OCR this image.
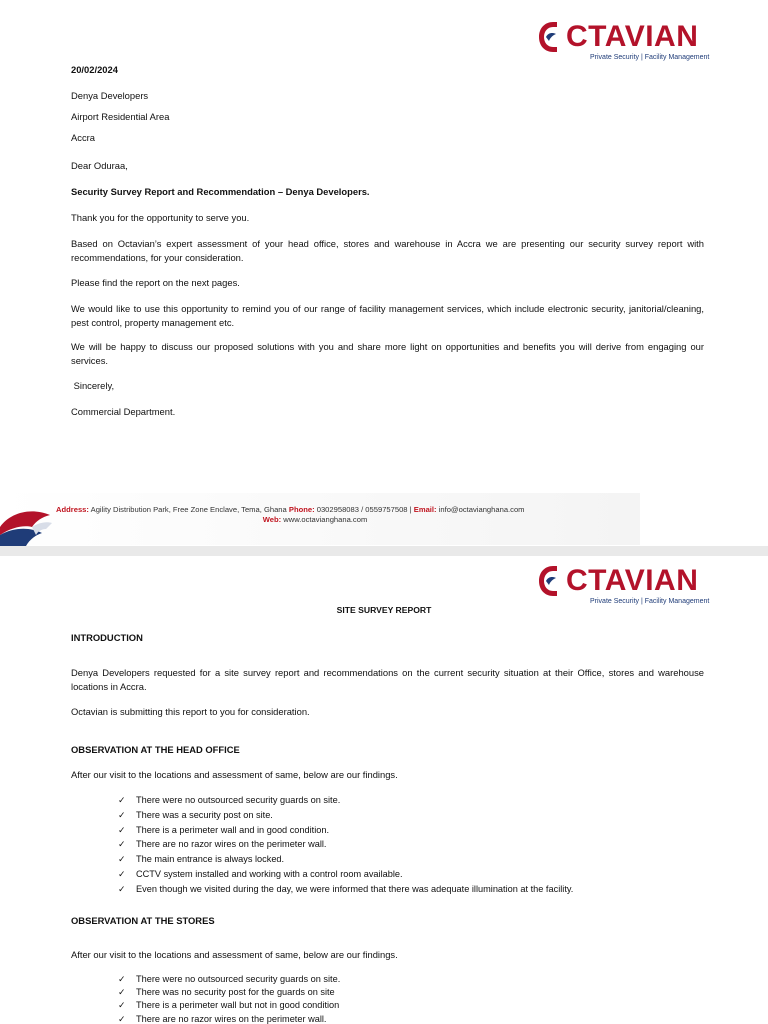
CTAVIAN
Private Security | Facility Management
20/02/2024
Denya Developers
Airport Residential Area
Accra
Dear Oduraa,
Security Survey Report and Recommendation – Denya Developers.
Thank you for the opportunity to serve you.
Based on Octavian’s expert assessment of your head office, stores and warehouse in Accra we are presenting our security survey report with recommendations, for your consideration.
Please find the report on the next pages.
We would like to use this opportunity to remind you of our range of facility management services, which include electronic security, janitorial/cleaning, pest control, property management etc.
We will be happy to discuss our proposed solutions with you and share more light on opportunities and benefits you will derive from engaging our services.
Sincerely,
Commercial Department.
Address: Agility Distribution Park, Free Zone Enclave, Tema, Ghana Phone: 0302958083 / 0559757508 | Email: info@octavianghana.com
Web: www.octavianghana.com
CTAVIAN
Private Security | Facility Management
SITE SURVEY REPORT
INTRODUCTION
Denya Developers requested for a site survey report and recommendations on the current security situation at their Office, stores and warehouse locations in Accra.
Octavian is submitting this report to you for consideration.
OBSERVATION AT THE HEAD OFFICE
After our visit to the locations and assessment of same, below are our findings.
✓ There were no outsourced security guards on site.
✓ There was a security post on site.
✓ There is a perimeter wall and in good condition.
✓ There are no razor wires on the perimeter wall.
✓ The main entrance is always locked.
✓ CCTV system installed and working with a control room available.
✓ Even though we visited during the day, we were informed that there was adequate illumination at the facility.
OBSERVATION AT THE STORES
After our visit to the locations and assessment of same, below are our findings.
✓ There were no outsourced security guards on site.
✓ There was no security post for the guards on site
✓ There is a perimeter wall but not in good condition
✓ There are no razor wires on the perimeter wall.
